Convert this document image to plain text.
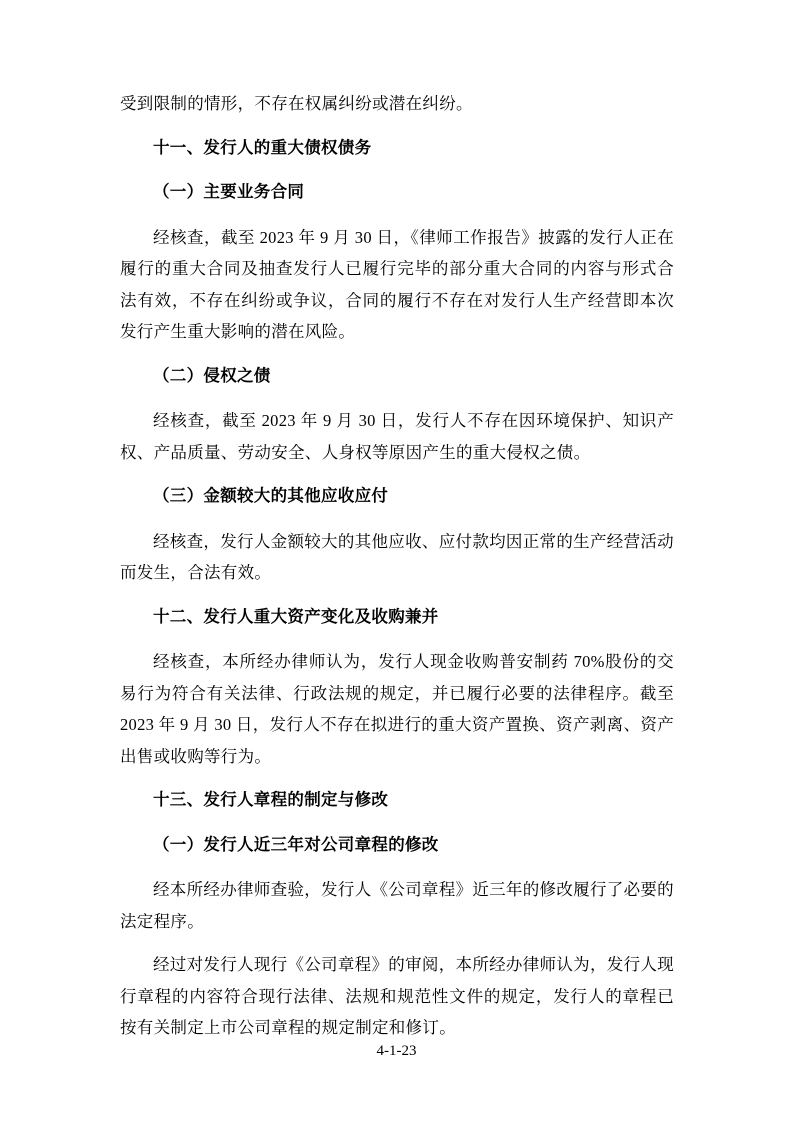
受到限制的情形，不存在权属纠纷或潜在纠纷。

十一、发行人的重大债权债务

（一）主要业务合同

经核查，截至 2023 年 9 月 30 日，《律师工作报告》披露的发行人正在履行的重大合同及抽查发行人已履行完毕的部分重大合同的内容与形式合法有效，不存在纠纷或争议，合同的履行不存在对发行人生产经营即本次发行产生重大影响的潜在风险。

（二）侵权之债

经核查，截至 2023 年 9 月 30 日，发行人不存在因环境保护、知识产权、产品质量、劳动安全、人身权等原因产生的重大侵权之债。

（三）金额较大的其他应收应付

经核查，发行人金额较大的其他应收、应付款均因正常的生产经营活动而发生，合法有效。

十二、发行人重大资产变化及收购兼并

经核查，本所经办律师认为，发行人现金收购普安制药 70%股份的交易行为符合有关法律、行政法规的规定，并已履行必要的法律程序。截至 2023 年 9 月 30 日，发行人不存在拟进行的重大资产置换、资产剥离、资产出售或收购等行为。

十三、发行人章程的制定与修改

（一）发行人近三年对公司章程的修改

经本所经办律师查验，发行人《公司章程》近三年的修改履行了必要的法定程序。

经过对发行人现行《公司章程》的审阅，本所经办律师认为，发行人现行章程的内容符合现行法律、法规和规范性文件的规定，发行人的章程已按有关制定上市公司章程的规定制定和修订。

4-1-23
